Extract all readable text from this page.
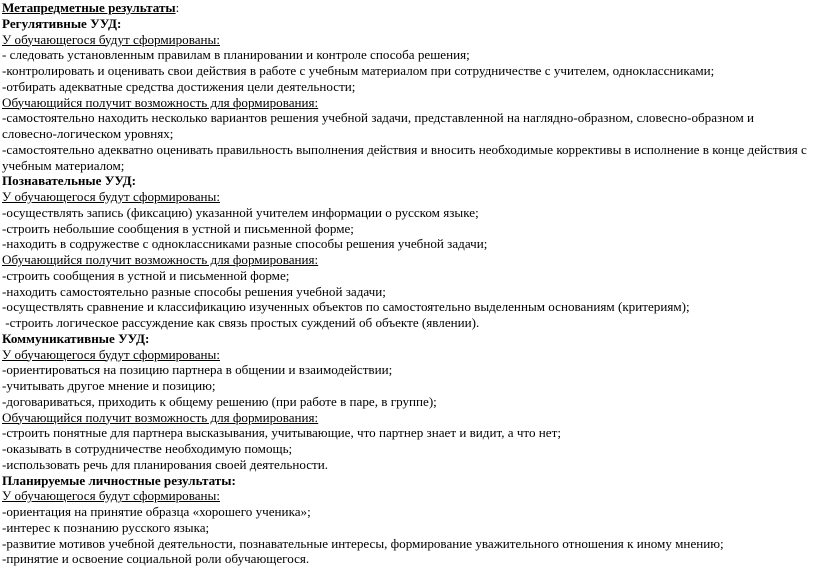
Метапредметные результаты:
Регулятивные УУД:
У обучающегося будут сформированы:
- следовать установленным правилам в планировании и контроле способа решения;
-контролировать и оценивать свои действия в работе с учебным материалом при сотрудничестве с учителем, одноклассниками;
-отбирать адекватные средства достижения цели деятельности;
Обучающийся получит возможность для формирования:
-самостоятельно находить несколько вариантов решения учебной задачи, представленной на наглядно-образном, словесно-образном и словесно-логическом уровнях;
-самостоятельно адекватно оценивать правильность выполнения действия и вносить необходимые коррективы в исполнение в конце действия с учебным материалом;
Познавательные УУД:
У обучающегося будут сформированы:
-осуществлять запись (фиксацию) указанной учителем информации о русском языке;
-строить небольшие сообщения в устной и письменной форме;
-находить в содружестве с одноклассниками разные способы решения учебной задачи;
Обучающийся получит возможность для формирования:
-строить сообщения в устной и письменной форме;
-находить самостоятельно разные способы решения учебной задачи;
-осуществлять сравнение и классификацию изученных объектов по самостоятельно выделенным основаниям (критериям);
-строить логическое рассуждение как связь простых суждений об объекте (явлении).
Коммуникативные УУД:
У обучающегося будут сформированы:
-ориентироваться на позицию партнера в общении и взаимодействии;
-учитывать другое мнение и позицию;
-договариваться, приходить к общему решению (при работе в паре, в группе);
Обучающийся получит возможность для формирования:
-строить понятные для партнера высказывания, учитывающие, что партнер знает и видит, а что нет;
-оказывать в сотрудничестве необходимую помощь;
-использовать речь для планирования своей деятельности.
Планируемые личностные результаты:
У обучающегося будут сформированы:
-ориентация на принятие образца «хорошего ученика»;
-интерес к познанию русского языка;
-развитие мотивов учебной деятельности, познавательные интересы, формирование уважительного отношения к иному мнению;
-принятие и освоение социальной роли обучающегося.
